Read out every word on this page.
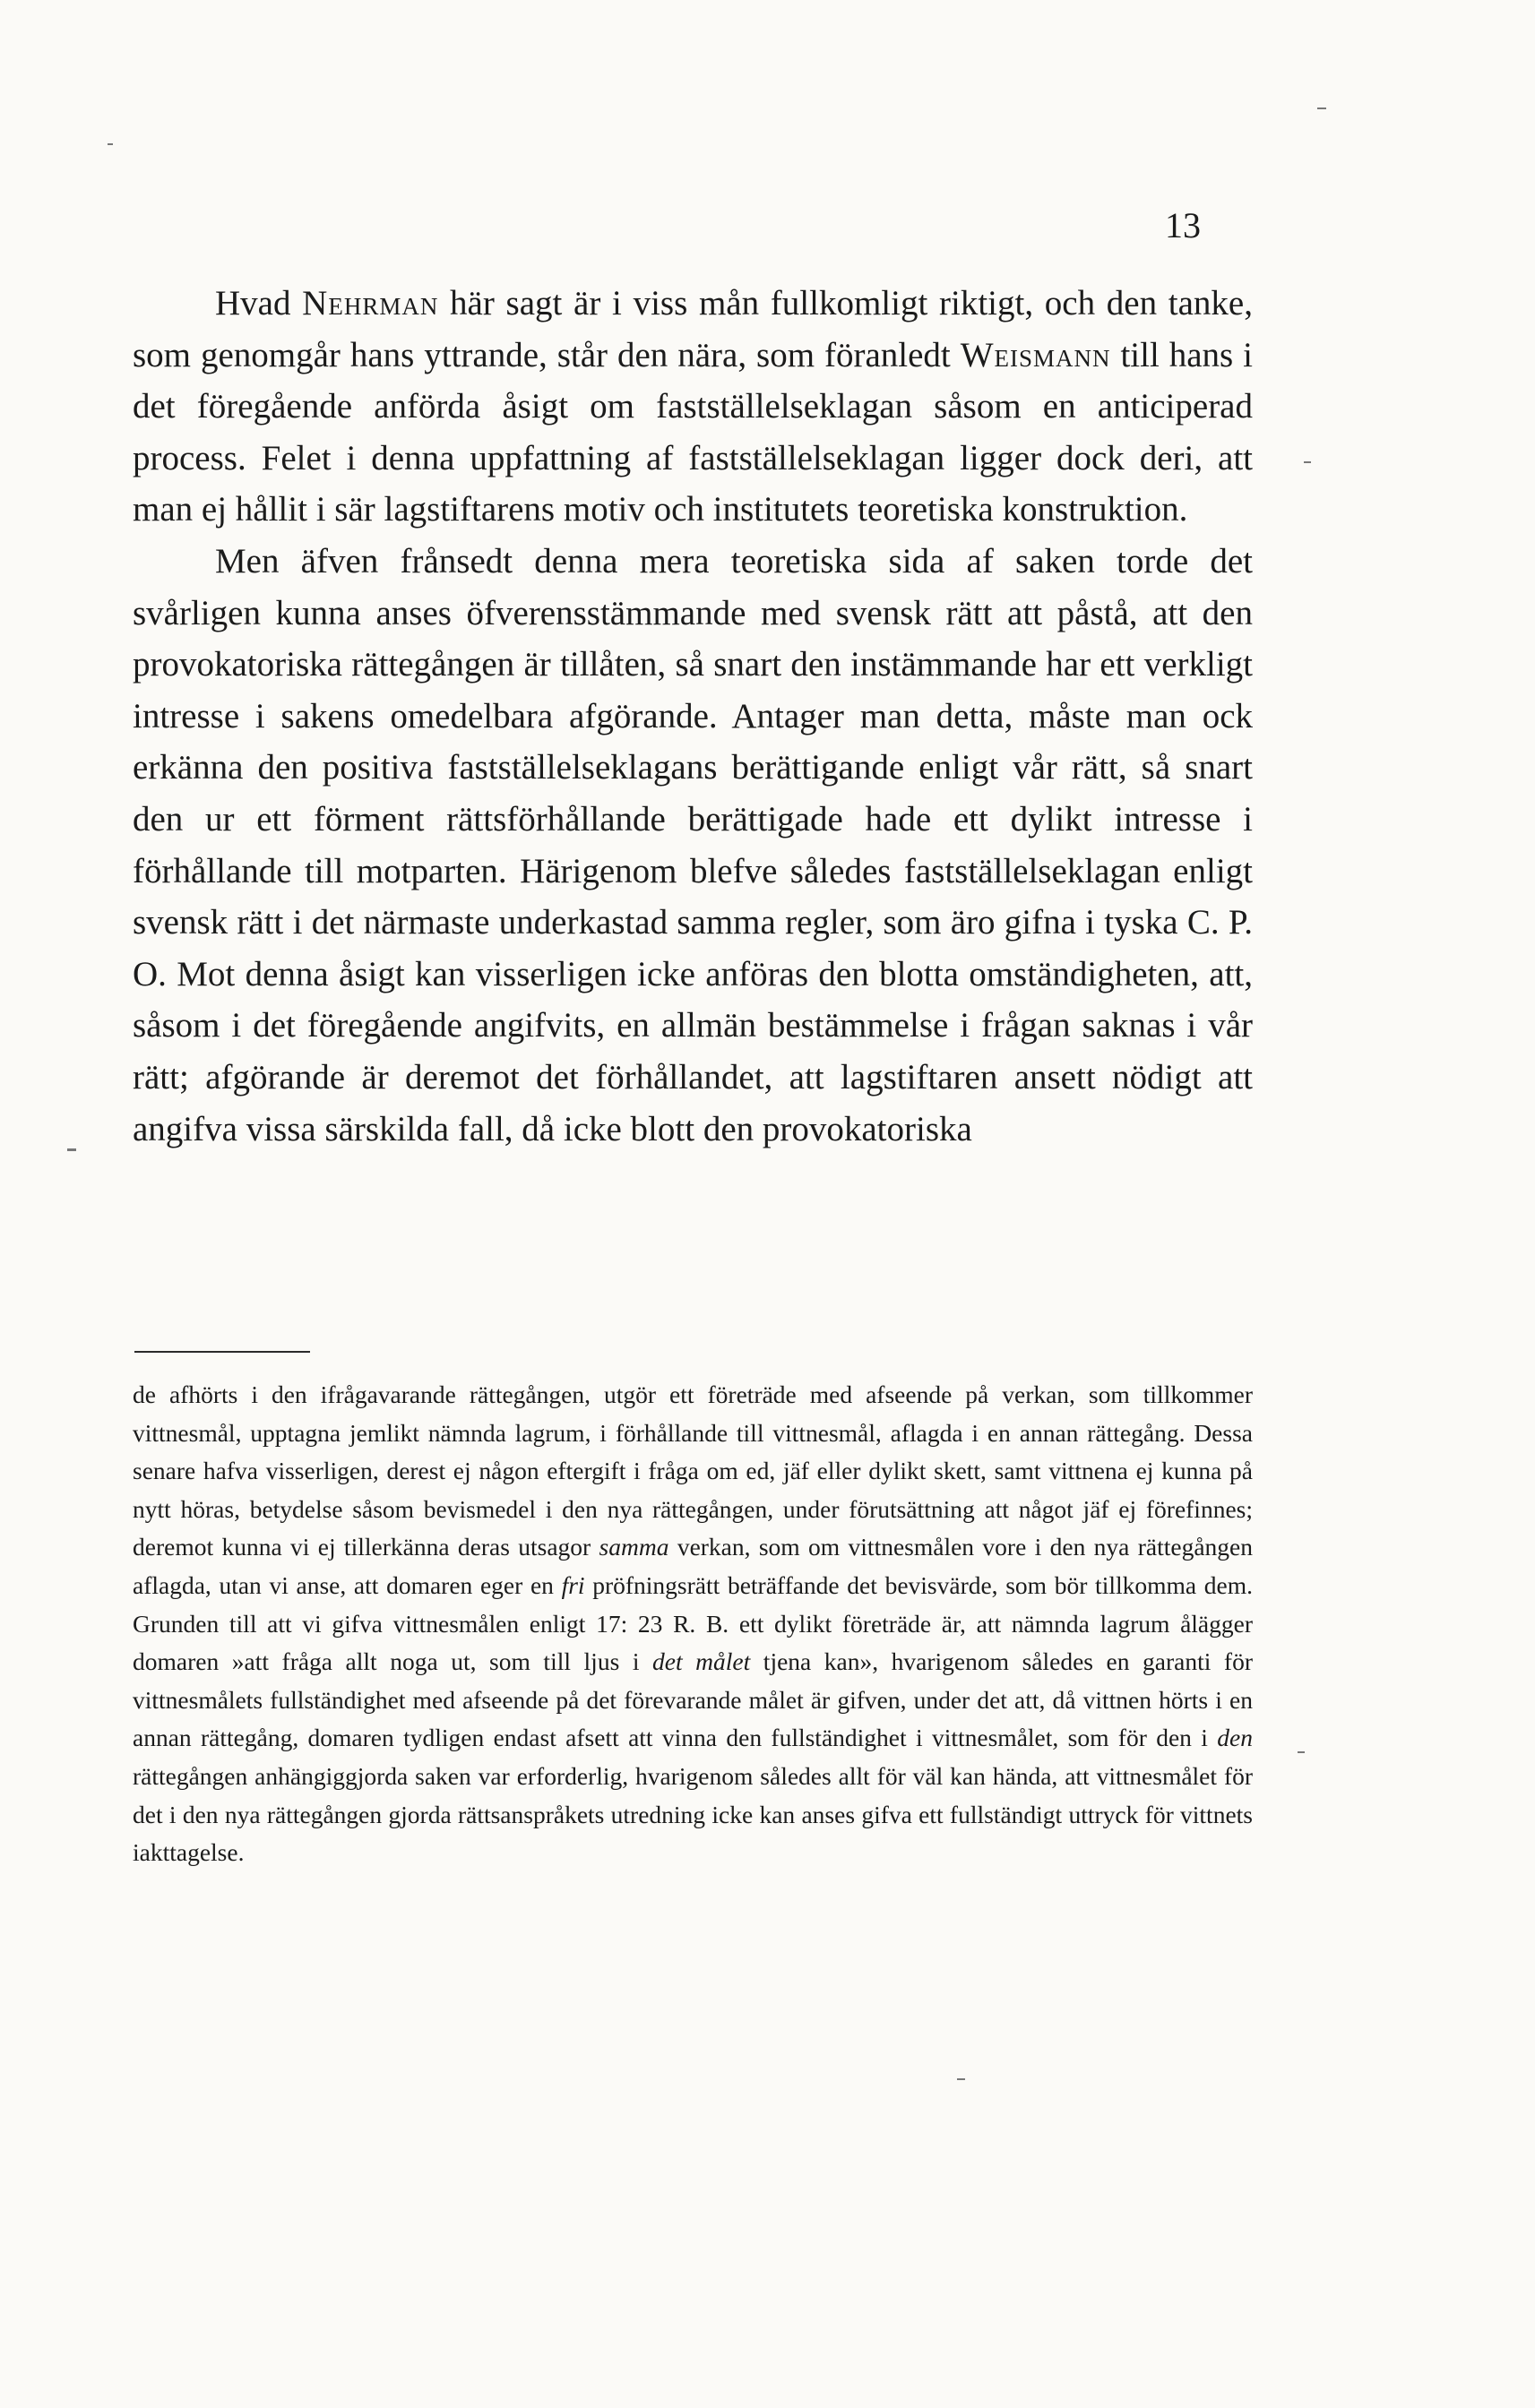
13

Hvad Nehrman här sagt är i viss mån fullkomligt riktigt, och den tanke, som genomgår hans yttrande, står den nära, som föranledt Weismann till hans i det föregående anförda åsigt om fastställelseklagan såsom en anticiperad process. Felet i denna uppfattning af fastställelseklagan ligger dock deri, att man ej hållit i sär lagstiftarens motiv och institutets teoretiska konstruktion.

Men äfven frånsedt denna mera teoretiska sida af saken torde det svårligen kunna anses öfverensstämmande med svensk rätt att påstå, att den provokatoriska rättegången är tillåten, så snart den instämmande har ett verkligt intresse i sakens omedelbara afgörande. Antager man detta, måste man ock erkänna den positiva fastställelseklagans berättigande enligt vår rätt, så snart den ur ett förment rättsförhållande berättigade hade ett dylikt intresse i förhållande till motparten. Härigenom blefve således fastställelseklagan enligt svensk rätt i det närmaste underkastad samma regler, som äro gifna i tyska C. P. O. Mot denna åsigt kan visserligen icke anföras den blotta omständigheten, att, såsom i det föregående angifvits, en allmän bestämmelse i frågan saknas i vår rätt; afgörande är deremot det förhållandet, att lagstiftaren ansett nödigt att angifva vissa särskilda fall, då icke blott den provokatoriska

de afhörts i den ifrågavarande rättegången, utgör ett företräde med afseende på verkan, som tillkommer vittnesmål, upptagna jemlikt nämnda lagrum, i förhållande till vittnesmål, aflagda i en annan rättegång. Dessa senare hafva visserligen, derest ej någon eftergift i fråga om ed, jäf eller dylikt skett, samt vittnena ej kunna på nytt höras, betydelse såsom bevismedel i den nya rättegången, under förutsättning att något jäf ej förefinnes; deremot kunna vi ej tillerkänna deras utsagor samma verkan, som om vittnesmålen vore i den nya rättegången aflagda, utan vi anse, att domaren eger en fri pröfningsrätt beträffande det bevisvärde, som bör tillkomma dem. Grunden till att vi gifva vittnesmålen enligt 17: 23 R. B. ett dylikt företräde är, att nämnda lagrum ålägger domaren »att fråga allt noga ut, som till ljus i det målet tjena kan», hvarigenom således en garanti för vittnesmålets fullständighet med afseende på det förevarande målet är gifven, under det att, då vittnen hörts i en annan rättegång, domaren tydligen endast afsett att vinna den fullständighet i vittnesmålet, som för den i den rättegången anhängiggjorda saken var erforderlig, hvarigenom således allt för väl kan hända, att vittnesmålet för det i den nya rättegången gjorda rättsanspråkets utredning icke kan anses gifva ett fullständigt uttryck för vittnets iakttagelse.
